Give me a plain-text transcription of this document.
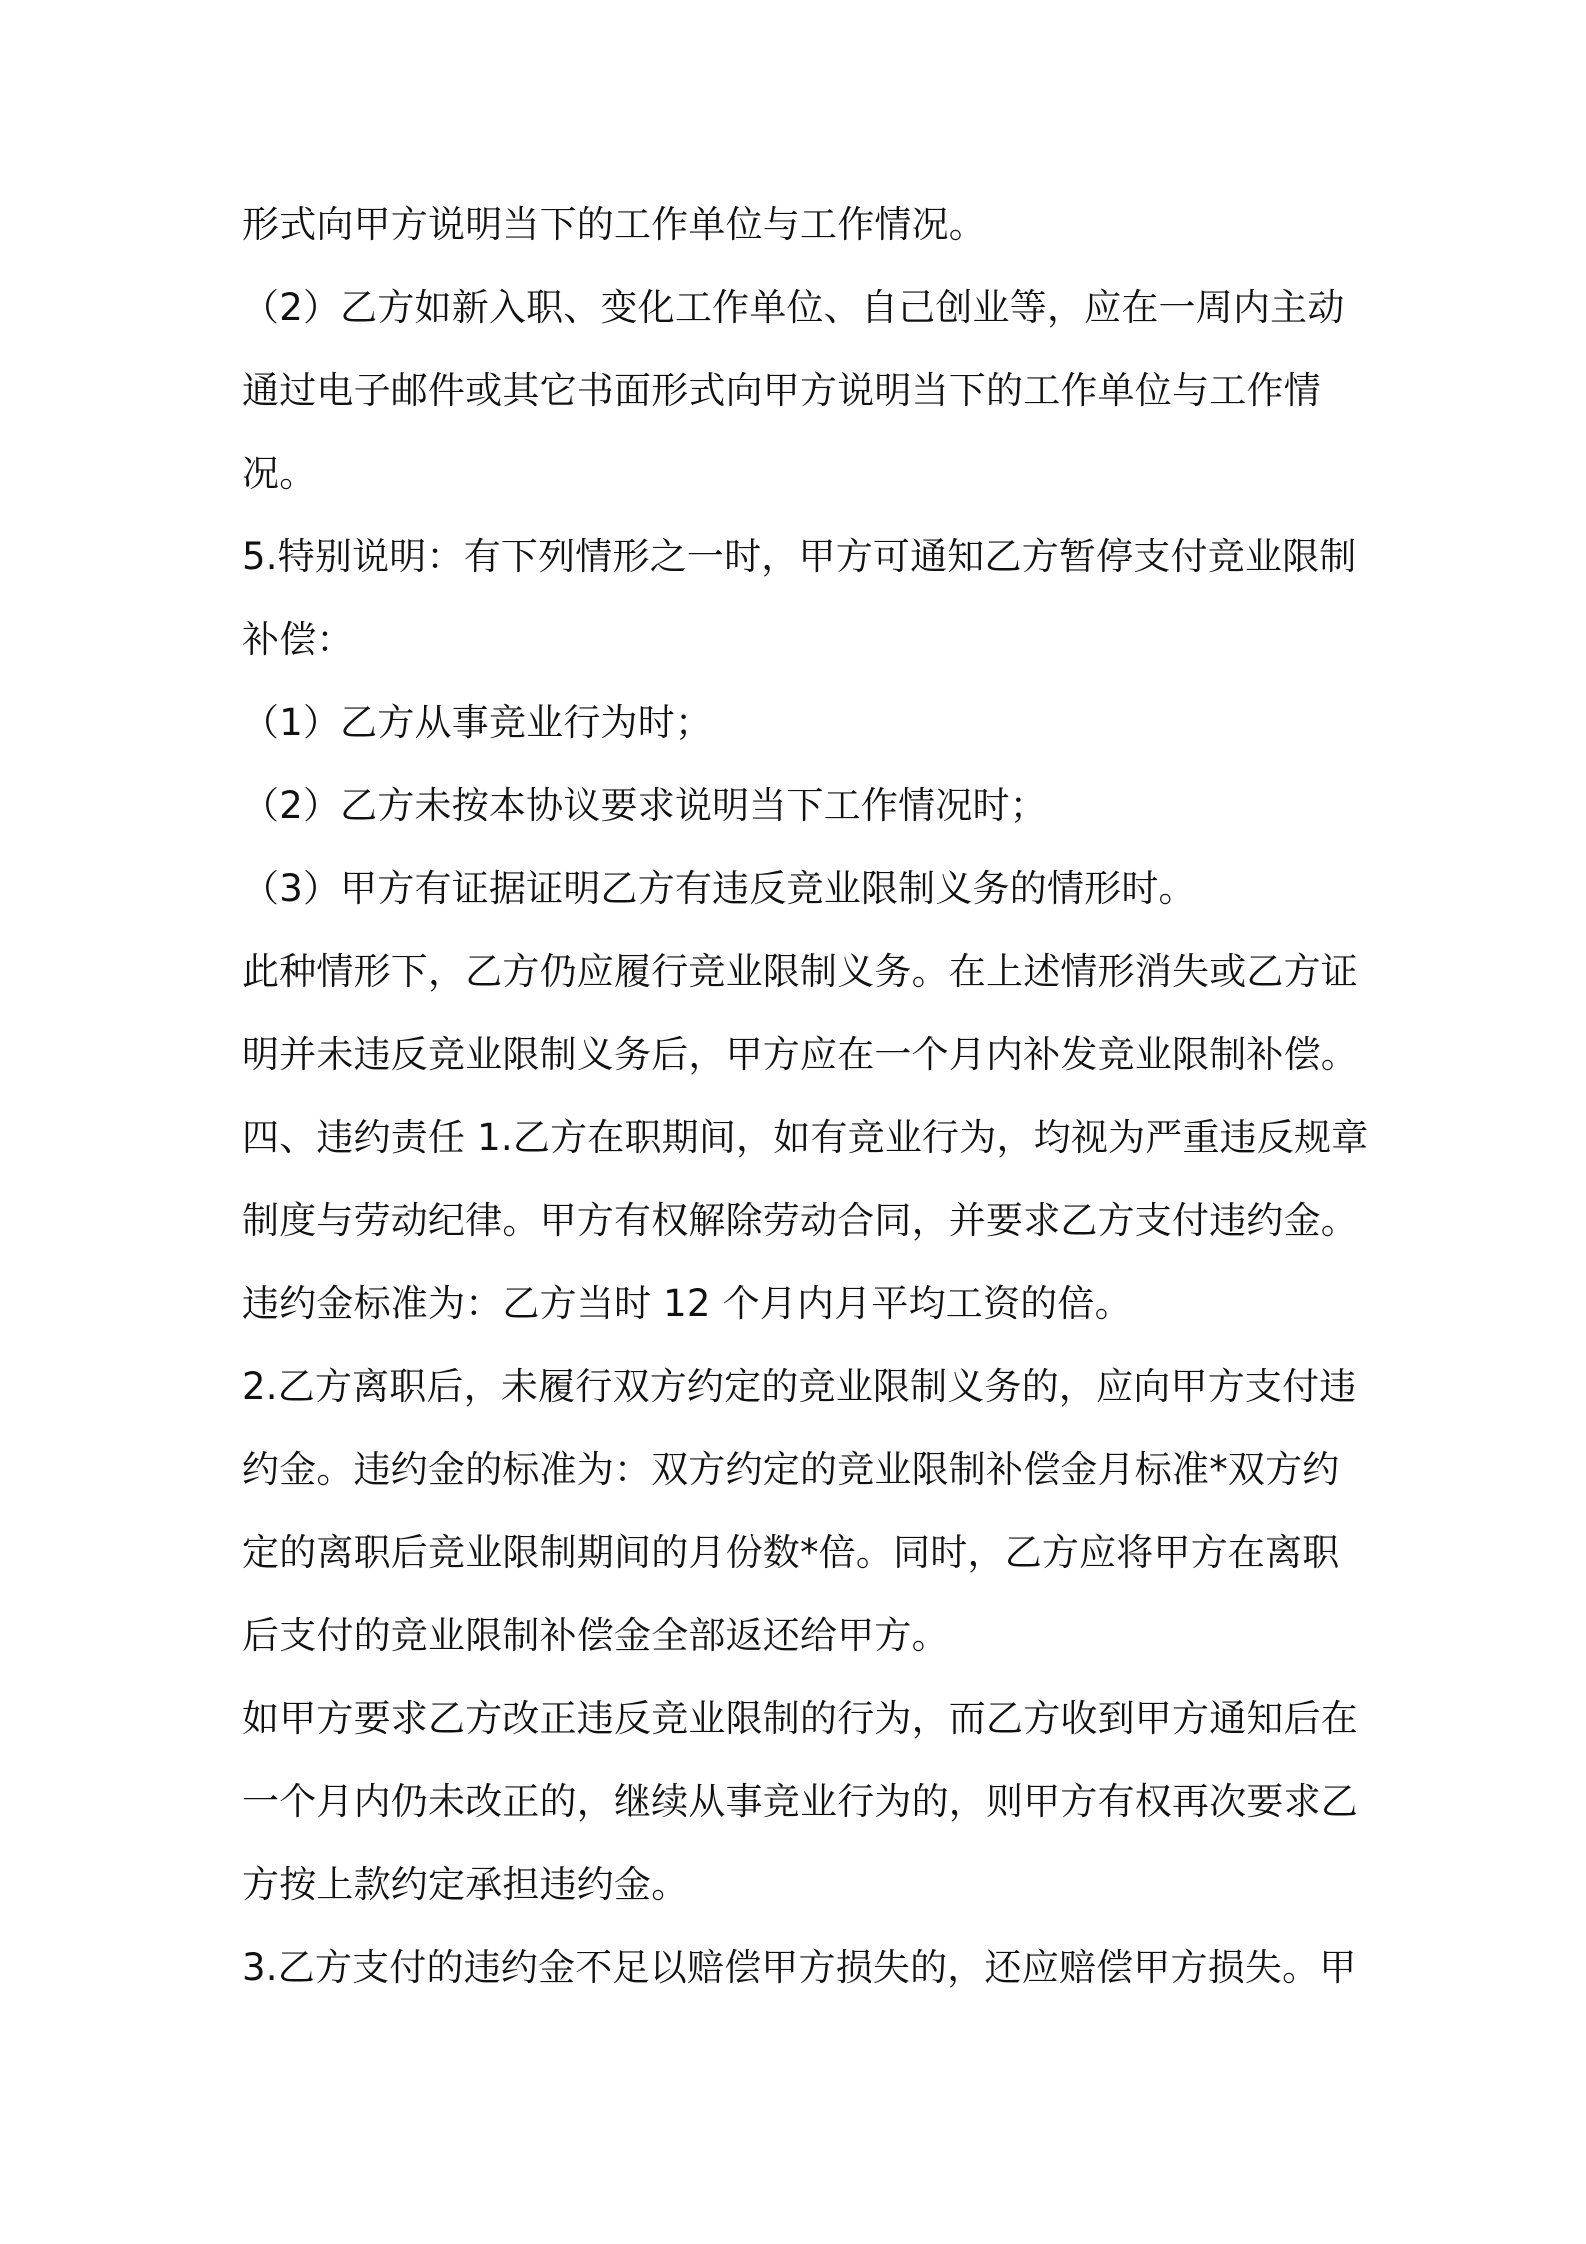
形式向甲方说明当下的工作单位与工作情况。
（2）乙方如新入职、变化工作单位、自己创业等，应在一周内主动
通过电子邮件或其它书面形式向甲方说明当下的工作单位与工作情
况。
5.特别说明：有下列情形之一时，甲方可通知乙方暂停支付竞业限制
补偿：
（1）乙方从事竞业行为时；
（2）乙方未按本协议要求说明当下工作情况时；
（3）甲方有证据证明乙方有违反竞业限制义务的情形时。
此种情形下，乙方仍应履行竞业限制义务。在上述情形消失或乙方证
明并未违反竞业限制义务后，甲方应在一个月内补发竞业限制补偿。
四、违约责任 1.乙方在职期间，如有竞业行为，均视为严重违反规章
制度与劳动纪律。甲方有权解除劳动合同，并要求乙方支付违约金。
违约金标准为：乙方当时 12 个月内月平均工资的倍。
2.乙方离职后，未履行双方约定的竞业限制义务的，应向甲方支付违
约金。违约金的标准为：双方约定的竞业限制补偿金月标准*双方约
定的离职后竞业限制期间的月份数*倍。同时，乙方应将甲方在离职
后支付的竞业限制补偿金全部返还给甲方。
如甲方要求乙方改正违反竞业限制的行为，而乙方收到甲方通知后在
一个月内仍未改正的，继续从事竞业行为的，则甲方有权再次要求乙
方按上款约定承担违约金。
3.乙方支付的违约金不足以赔偿甲方损失的，还应赔偿甲方损失。甲
